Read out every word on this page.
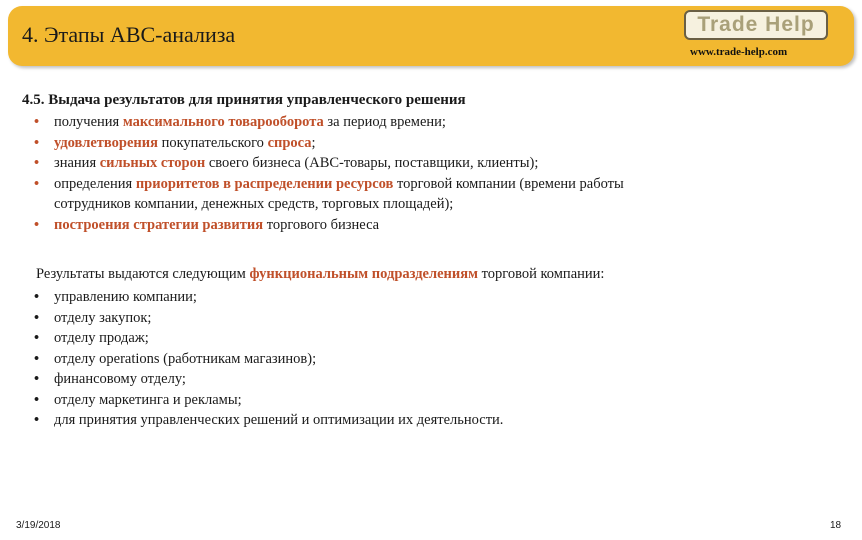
4. Этапы ABC-анализа	Trade Help
www.trade-help.com
4.5. Выдача результатов для принятия управленческого решения
• получения максимального товарооборота за период времени;
• удовлетворения покупательского спроса;
• знания сильных сторон своего бизнеса (АВС-товары, поставщики, клиенты);
• определения приоритетов в распределении ресурсов торговой компании (времени работы
сотрудников компании, денежных средств, торговых площадей);
• построения стратегии развития торгового бизнеса
Результаты выдаются следующим функциональным подразделениям торговой компании:
• управлению компании;
• отделу закупок;
• отделу продаж;
• отделу operations (работникам магазинов);
• финансовому отделу;
• отделу маркетинга и рекламы;
• для принятия управленческих решений и оптимизации их деятельности.
3/19/2018	18
